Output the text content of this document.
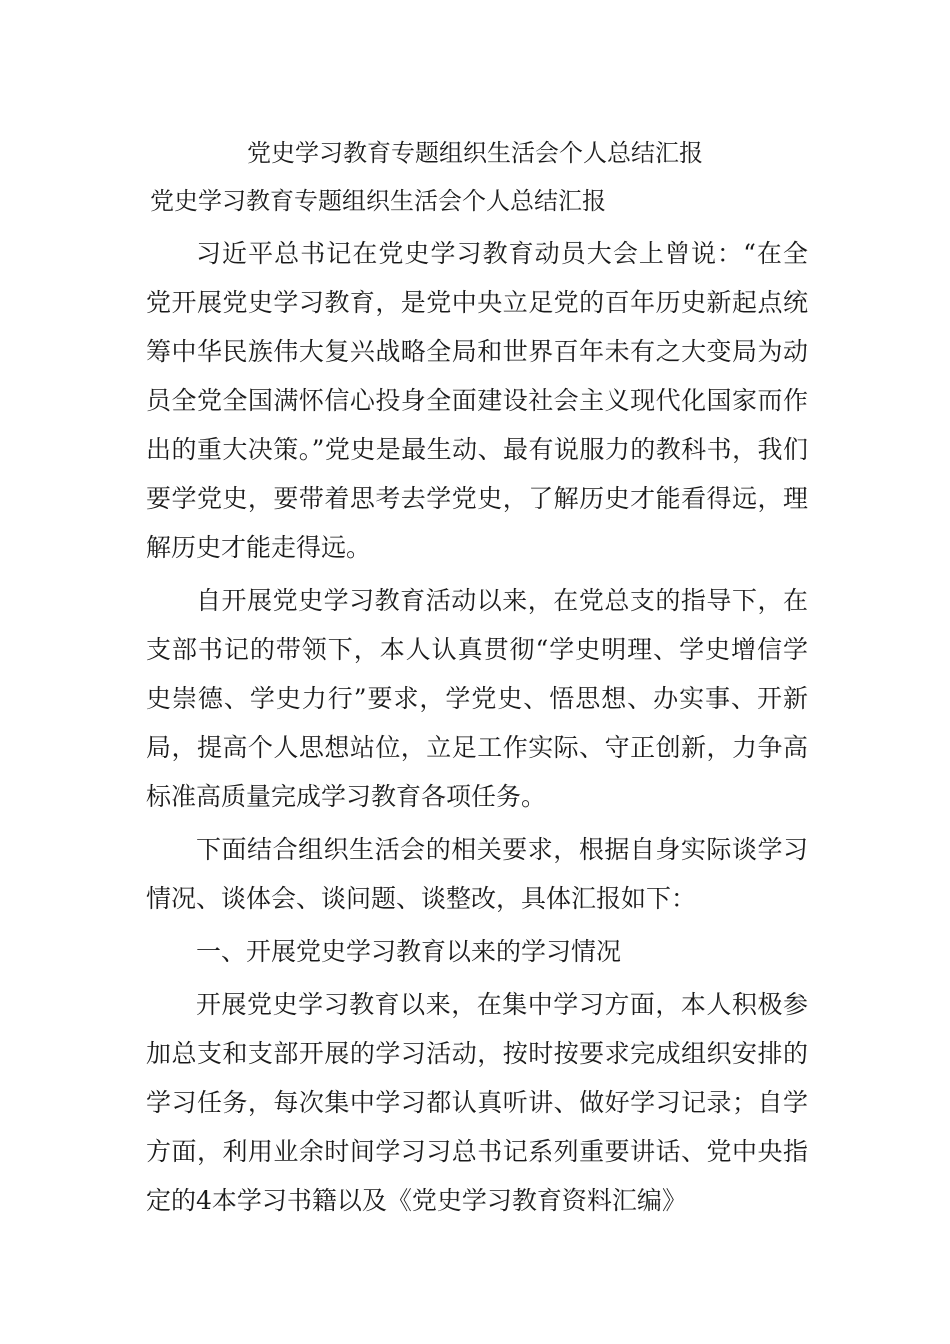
党史学习教育专题组织生活会个人总结汇报
党史学习教育专题组织生活会个人总结汇报

习近平总书记在党史学习教育动员大会上曾说：“在全党开展党史学习教育，是党中央立足党的百年历史新起点统筹中华民族伟大复兴战略全局和世界百年未有之大变局为动员全党全国满怀信心投身全面建设社会主义现代化国家而作出的重大决策。”党史是最生动、最有说服力的教科书，我们要学党史，要带着思考去学党史，了解历史才能看得远，理解历史才能走得远。

自开展党史学习教育活动以来，在党总支的指导下，在支部书记的带领下，本人认真贯彻“学史明理、学史增信学史崇德、学史力行”要求，学党史、悟思想、办实事、开新局，提高个人思想站位，立足工作实际、守正创新，力争高标准高质量完成学习教育各项任务。

下面结合组织生活会的相关要求，根据自身实际谈学习情况、谈体会、谈问题、谈整改，具体汇报如下：

一、开展党史学习教育以来的学习情况

开展党史学习教育以来，在集中学习方面，本人积极参加总支和支部开展的学习活动，按时按要求完成组织安排的学习任务，每次集中学习都认真听讲、做好学习记录；自学方面，利用业余时间学习习总书记系列重要讲话、党中央指定的4本学习书籍以及《党史学习教育资料汇编》
